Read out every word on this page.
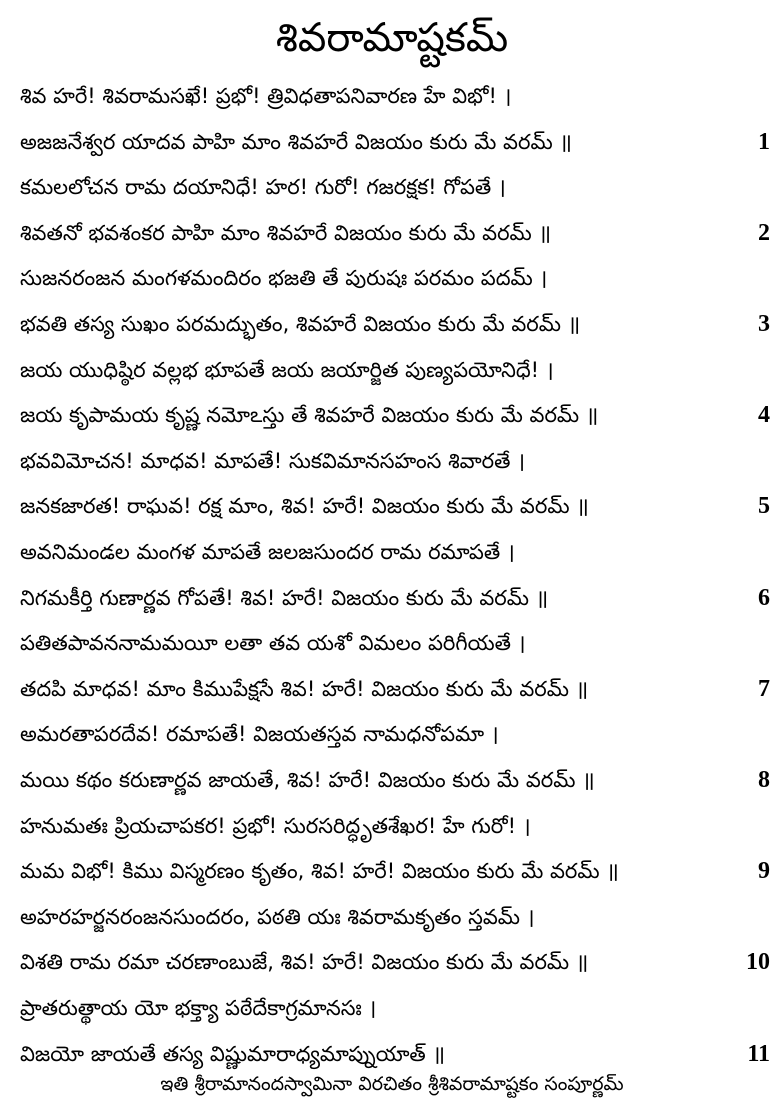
శివరామాష్టకమ్
శివ హరే! శివరామసఖే! ప్రభో! త్రివిధతాపనివారణ హే విభో! ।
అజజనేశ్వర యాదవ పాహి మాం శివహరే విజయం కురు మే వరమ్ ॥	1
కమలలోచన రామ దయానిధే! హర! గురో! గజరక్షక! గోపతే ।
శివతనో భవశంకర పాహి మాం శివహరే విజయం కురు మే వరమ్ ॥	2
సుజనరంజన మంగళమందిరం భజతి తే పురుషః పరమం పదమ్ ।
భవతి తస్య సుఖం పరమద్భుతం, శివహరే విజయం కురు మే వరమ్ ॥	3
జయ యుధిష్ఠిర వల్లభ భూపతే జయ జయార్జిత పుణ్యపయోనిధే! ।
జయ కృపామయ కృష్ణ నమోఽస్తు తే శివహరే విజయం కురు మే వరమ్ ॥	4
భవవిమోచన! మాధవ! మాపతే! సుకవిమానసహంస శివారతే ।
జనకజారత! రాఘవ! రక్ష మాం, శివ! హరే! విజయం కురు మే వరమ్ ॥	5
అవనిమండల మంగళ మాపతే జలజసుందర రామ రమాపతే ।
నిగమకీర్తి గుణార్ణవ గోపతే! శివ! హరే! విజయం కురు మే వరమ్ ॥	6
పతితపావననామమయీ లతా తవ యశో విమలం పరిగీయతే ।
తదపి మాధవ! మాం కిముపేక్షసే శివ! హరే! విజయం కురు మే వరమ్ ॥	7
అమరతాపరదేవ! రమాపతే! విజయతస్తవ నామధనోపమా ।
మయి కథం కరుణార్ణవ జాయతే, శివ! హరే! విజయం కురు మే వరమ్ ॥	8
హనుమతః ప్రియచాపకర! ప్రభో! సురసరిద్ధృతశేఖర! హే గురో! ।
మమ విభో! కిము విస్మరణం కృతం, శివ! హరే! విజయం కురు మే వరమ్ ॥	9
అహరహర్జనరంజనసుందరం, పఠతి యః శివరామకృతం స్తవమ్ ।
విశతి రామ రమా చరణాంబుజే, శివ! హరే! విజయం కురు మే వరమ్ ॥	10
ప్రాతరుత్థాయ యో భక్త్యా పఠేదేకాగ్రమానసః ।
విజయో జాయతే తస్య విష్ణుమారాధ్యమాప్నుయాత్ ॥	11
ఇతి శ్రీరామానందస్వామినా విరచితం శ్రీశివరామాష్టకం సంపూర్ణమ్
